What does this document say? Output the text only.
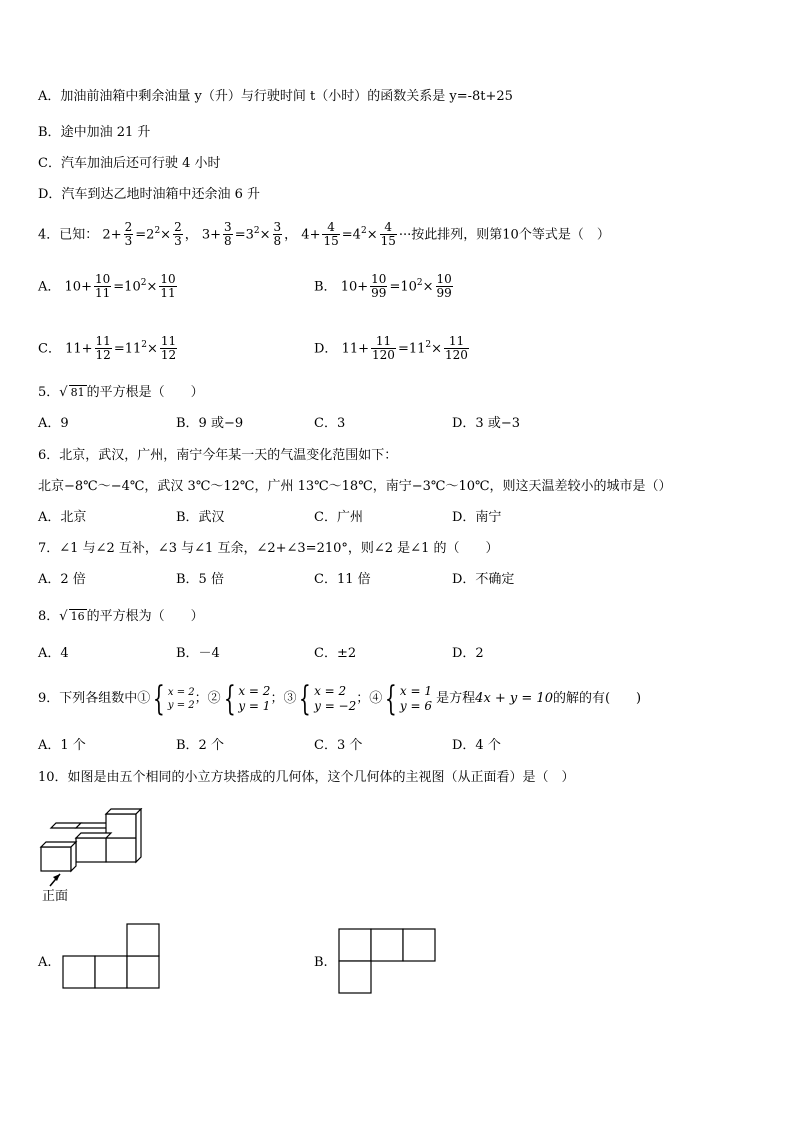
A．加油前油箱中剩余油量 y（升）与行驶时间 t（小时）的函数关系是 y=-8t+25
B．途中加油 21 升
C．汽车加油后还可行驶 4 小时
D．汽车到达乙地时油箱中还余油 6 升
4．已知： $2+ \frac{2}{3} =2^2\times \frac{2}{3}$ ， $3+ \frac{3}{8} =3^2\times \frac{3}{8}$ ， $4+ \frac{4}{15} =4^2\times \frac{4}{15}$ ···按此排列，则第10个等式是（　）
A． $10+ \frac{10}{11} =10^2\times \frac{10}{11}$	B． $10+ \frac{10}{99} =10^2\times \frac{10}{99}$
C． $11+ \frac{11}{12} =11^2\times \frac{11}{12}$	D． $11+ \frac{11}{120} =11^2\times \frac{11}{120}$
5．√ 81 的平方根是（　　）
A．9	B．9 或−9	C．3	D．3 或−3
6．北京，武汉，广州，南宁今年某一天的气温变化范围如下：
北京−8℃～−4℃，武汉 3℃～12℃，广州 13℃～18℃，南宁−3℃～10℃，则这天温差较小的城市是（）
A．北京	B．武汉	C．广州	D．南宁
7．∠1 与∠2 互补，∠3 与∠1 互余，∠2+∠3=210°，则∠2 是∠1 的（　　）
A．2 倍	B．5 倍	C．11 倍	D．不确定
8．√ 16 的平方根为（　　）
A．4	B．－4	C．±2	D．2
9．下列各组数中①{ x = 2
y = 2 ；②{ x = 2
y = 1 ；③{ x = 2
y = −2 ；④{ x = 1
y = 6 是方程4x + y = 10的解的有(　　)
A．1 个	B．2 个	C．3 个	D．4 个
10．如图是由五个相同的小立方块搭成的几何体，这个几何体的主视图（从正面看）是（　）
正面
A.	B.
